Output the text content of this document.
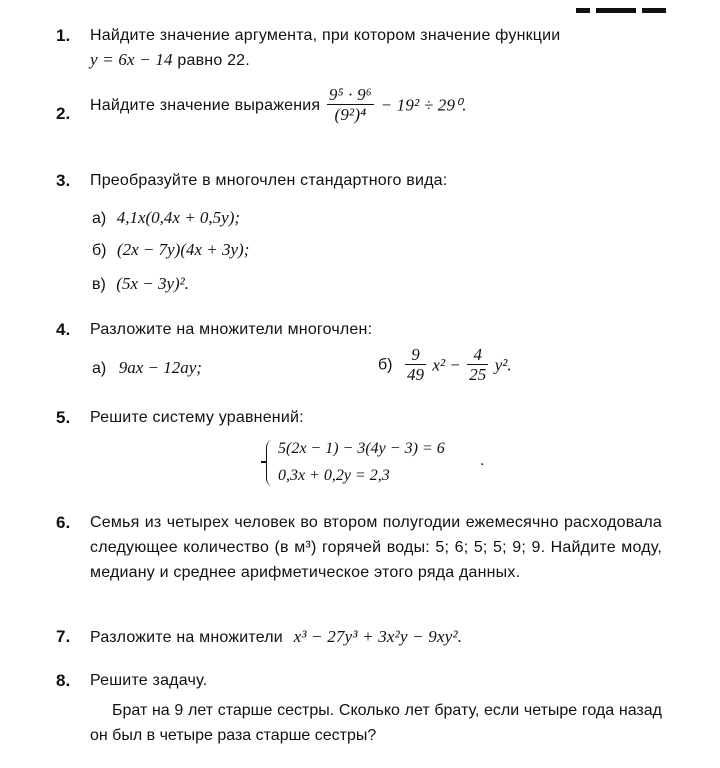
1. Найдите значение аргумента, при котором значение функции
y = 6x − 14 равно 22.
2. Найдите значение выражения $\frac{\text{9⁵ · 9⁶}}{\text{(9²)⁴}} - 19^2 \div 29^0$.
3. Преобразуйте в многочлен стандартного вида:
а) 4,1x(0,4x + 0,5y);
б) (2x − 7y)(4x + 3y);
в) (5x − 3y)².
4. Разложите на множители многочлен:
а) 9ax − 12ay;	$б) \frac{9}{49} x^2 - \frac{4}{25} y^2$.
5. Решите систему уравнений:
5(2x − 1) − 3(4y − 3) = 6
0,3x + 0,2y = 2,3
.
6. Семья из четырех человек во втором полугодии ежемесячно расходовала следующее количество (в м³) горячей воды: 5; 6; 5; 5; 9; 9. Найдите моду, медиану и среднее арифметическое этого ряда данных.
7. Разложите на множители x³ − 27y³ + 3x²y − 9xy².
8. Решите задачу.
Брат на 9 лет старше сестры. Сколько лет брату, если четыре года назад он был в четыре раза старше сестры?
